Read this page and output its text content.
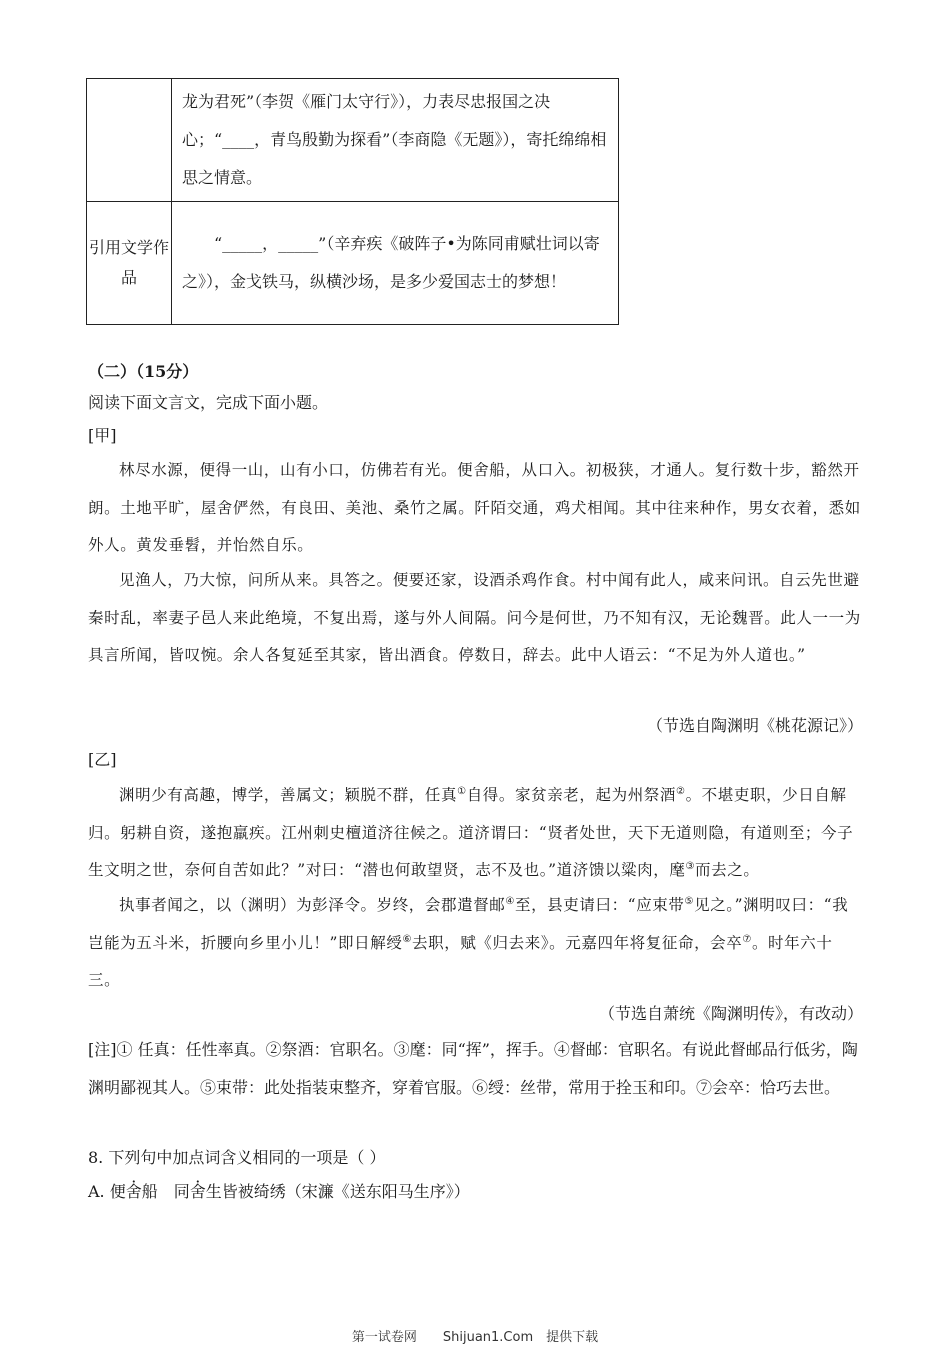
	龙为君死”（李贺《雁门太守行》），力表尽忠报国之决心；“____，青鸟殷勤为探看”（李商隐《无题》），寄托绵绵相思之情意。
引用文学作品	“_____，_____”（辛弃疾《破阵子•为陈同甫赋壮词以寄之》），金戈铁马，纵横沙场，是多少爱国志士的梦想！
（二）（15分）
阅读下面文言文，完成下面小题。
[甲]
林尽水源，便得一山，山有小口，仿佛若有光。便舍船，从口入。初极狭，才通人。复行数十步，豁然开朗。土地平旷，屋舍俨然，有良田、美池、桑竹之属。阡陌交通，鸡犬相闻。其中往来种作，男女衣着，悉如外人。黄发垂髫，并怡然自乐。
见渔人，乃大惊，问所从来。具答之。便要还家，设酒杀鸡作食。村中闻有此人，咸来问讯。自云先世避秦时乱，率妻子邑人来此绝境，不复出焉，遂与外人间隔。问今是何世，乃不知有汉，无论魏晋。此人一一为具言所闻，皆叹惋。余人各复延至其家，皆出酒食。停数日，辞去。此中人语云：“不足为外人道也。”
（节选自陶渊明《桃花源记》）
[乙]
渊明少有高趣，博学，善属文；颖脱不群，任真①自得。家贫亲老，起为州祭酒②。不堪吏职，少日自解归。躬耕自资，遂抱羸疾。江州刺史檀道济往候之。道济谓曰：“贤者处世，天下无道则隐，有道则至；今子生文明之世，奈何自苦如此？”对曰：“潜也何敢望贤，志不及也。”道济馈以粱肉，麾③而去之。
执事者闻之，以（渊明）为彭泽令。岁终，会郡遣督邮④至，县吏请曰：“应束带⑤见之。”渊明叹曰：“我岂能为五斗米，折腰向乡里小儿！”即日解绶⑥去职，赋《归去来》。元嘉四年将复征命，会卒⑦。时年六十三。
（节选自萧统《陶渊明传》，有改动）
[注]① 任真：任性率真。②祭酒：官职名。③麾：同“挥”，挥手。④督邮：官职名。有说此督邮品行低劣，陶渊明鄙视其人。⑤束带：此处指装束整齐，穿着官服。⑥绶：丝带，常用于拴玉和印。⑦会卒：恰巧去世。
8. 下列句中加点词含义相同的一项是（ ）
A. 便舍船　同舍生皆被绮绣（宋濂《送东阳马生序》）
第一试卷网　　Shijuan1.Com　提供下载
